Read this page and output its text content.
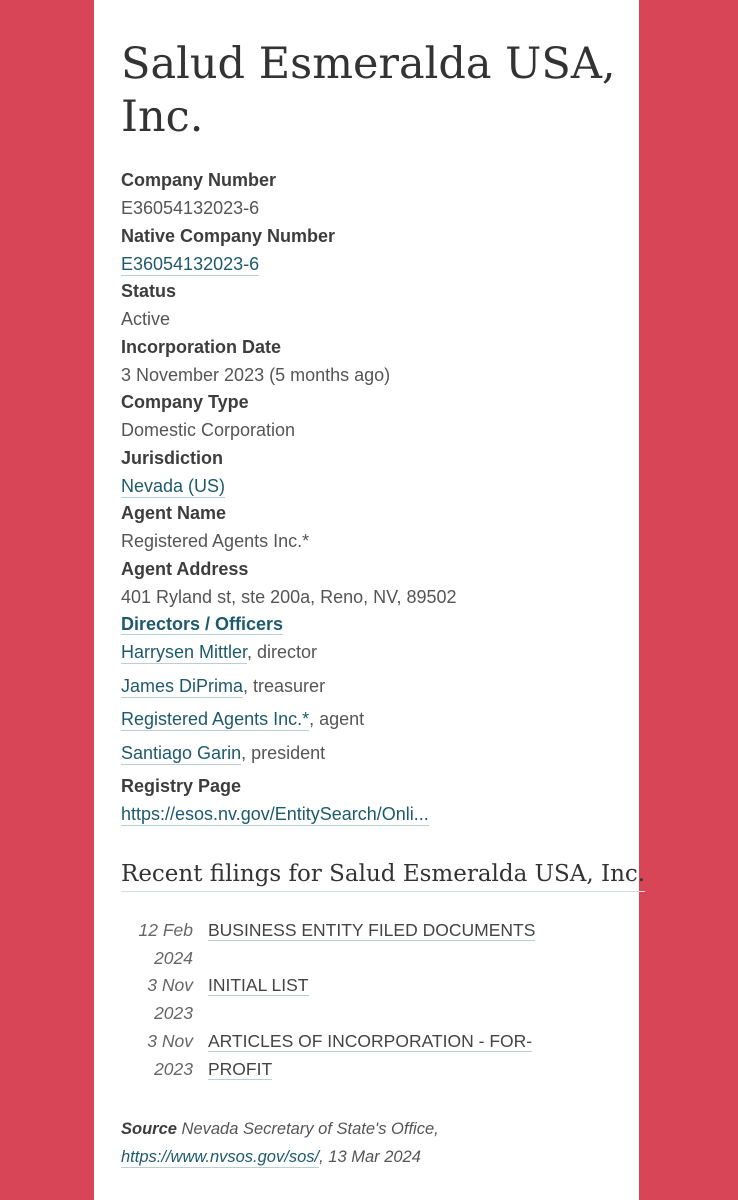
Salud Esmeralda USA, Inc.
Company Number
E36054132023-6
Native Company Number
E36054132023-6
Status
Active
Incorporation Date
3 November 2023 (5 months ago)
Company Type
Domestic Corporation
Jurisdiction
Nevada (US)
Agent Name
Registered Agents Inc.*
Agent Address
401 Ryland st, ste 200a, Reno, NV, 89502
Directors / Officers
Harrysen Mittler, director
James DiPrima, treasurer
Registered Agents Inc.*, agent
Santiago Garin, president
Registry Page
https://esos.nv.gov/EntitySearch/Onli...
Recent filings for Salud Esmeralda USA, Inc.
12 Feb
2024
BUSINESS ENTITY FILED DOCUMENTS
3 Nov
2023
INITIAL LIST
3 Nov
2023
ARTICLES OF INCORPORATION - FOR-PROFIT
Source Nevada Secretary of State's Office,
https://www.nvsos.gov/sos/, 13 Mar 2024
